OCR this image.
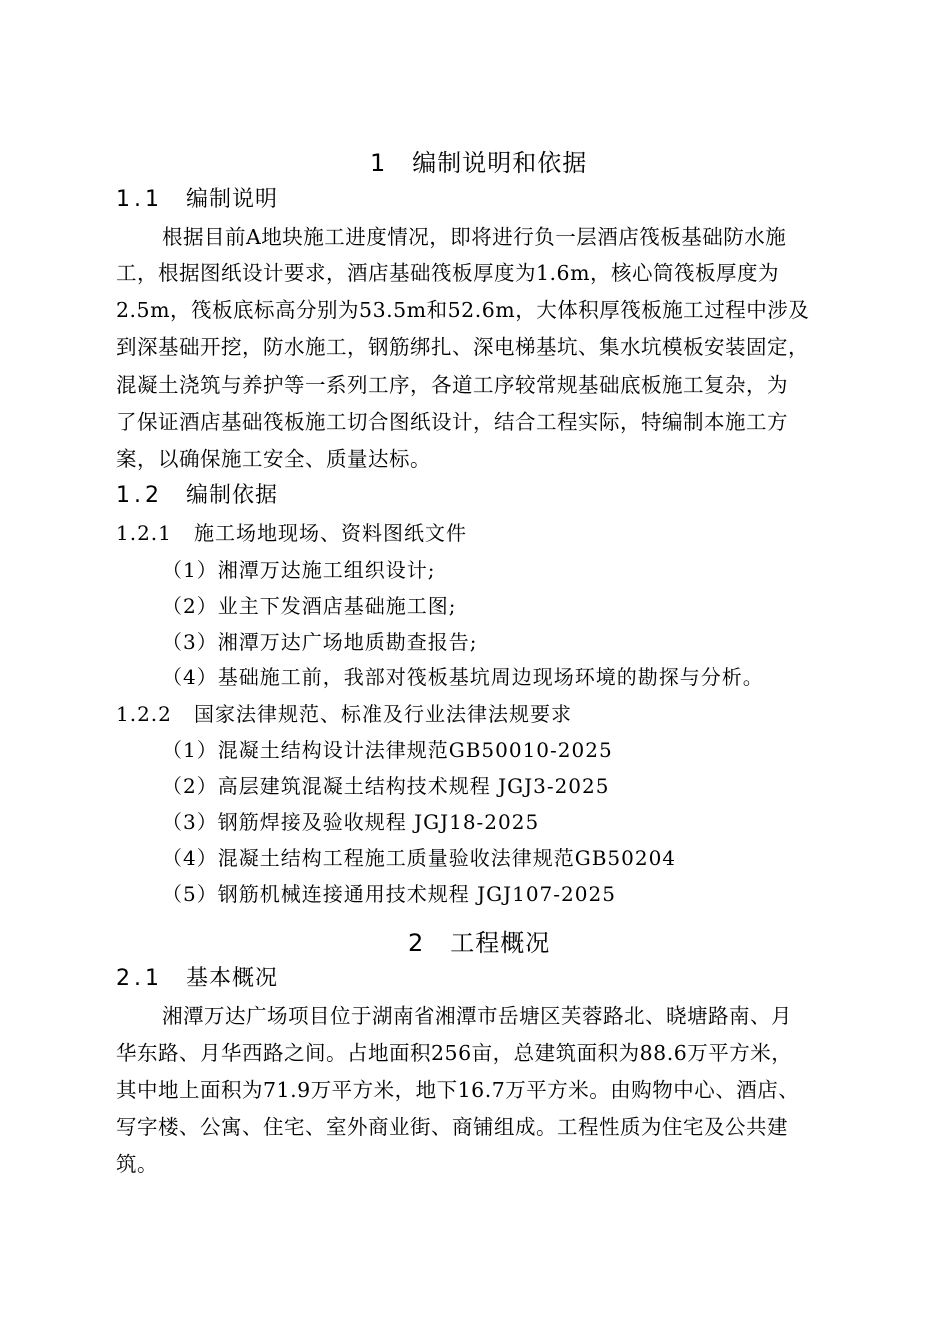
1 编制说明和依据
1.1 编制说明
根据目前A地块施工进度情况，即将进行负一层酒店筏板基础防水施
工，根据图纸设计要求，酒店基础筏板厚度为1.6m，核心筒筏板厚度为
2.5m，筏板底标高分别为53.5m和52.6m，大体积厚筏板施工过程中涉及
到深基础开挖，防水施工，钢筋绑扎、深电梯基坑、集水坑模板安装固定，
混凝土浇筑与养护等一系列工序，各道工序较常规基础底板施工复杂，为
了保证酒店基础筏板施工切合图纸设计，结合工程实际，特编制本施工方
案，以确保施工安全、质量达标。
1.2 编制依据
1.2.1 施工场地现场、资料图纸文件
（1）湘潭万达施工组织设计;
（2）业主下发酒店基础施工图;
（3）湘潭万达广场地质勘查报告;
（4）基础施工前，我部对筏板基坑周边现场环境的勘探与分析。
1.2.2 国家法律规范、标准及行业法律法规要求
（1）混凝土结构设计法律规范GB50010-2025
（2）高层建筑混凝土结构技术规程 JGJ3-2025
（3）钢筋焊接及验收规程 JGJ18-2025
（4）混凝土结构工程施工质量验收法律规范GB50204
（5）钢筋机械连接通用技术规程 JGJ107-2025
2 工程概况
2.1 基本概况
湘潭万达广场项目位于湖南省湘潭市岳塘区芙蓉路北、晓塘路南、月
华东路、月华西路之间。占地面积256亩，总建筑面积为88.6万平方米，
其中地上面积为71.9万平方米，地下16.7万平方米。由购物中心、酒店、
写字楼、公寓、住宅、室外商业街、商铺组成。工程性质为住宅及公共建
筑。
